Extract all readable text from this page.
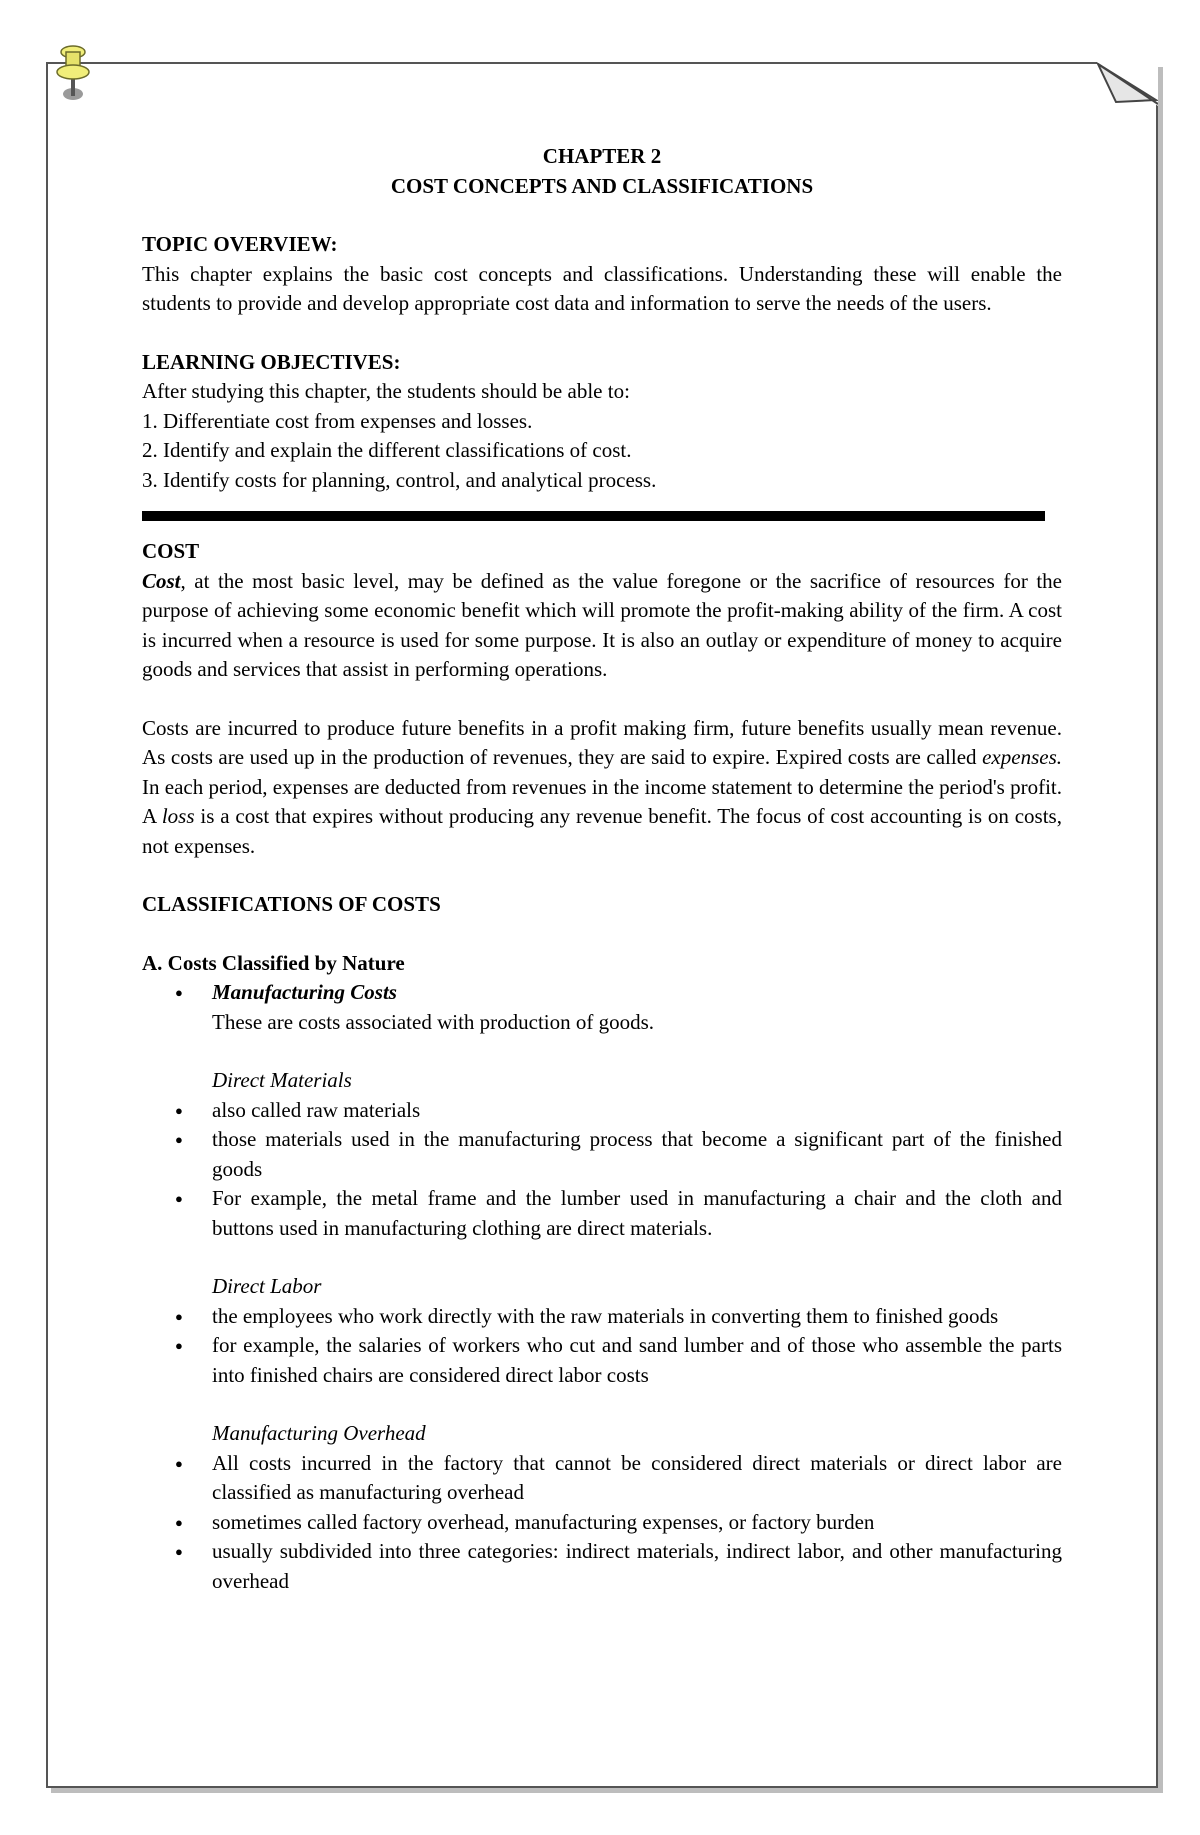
CHAPTER 2

COST CONCEPTS AND CLASSIFICATIONS

TOPIC OVERVIEW:

This chapter explains the basic cost concepts and classifications. Understanding these will enable the students to provide and develop appropriate cost data and information to serve the needs of the users.

LEARNING OBJECTIVES:

After studying this chapter, the students should be able to:

1. Differentiate cost from expenses and losses.

2. Identify and explain the different classifications of cost.

3. Identify costs for planning, control, and analytical process.

COST

Cost, at the most basic level, may be defined as the value foregone or the sacrifice of resources for the purpose of achieving some economic benefit which will promote the profit-making ability of the firm. A cost is incurred when a resource is used for some purpose. It is also an outlay or expenditure of money to acquire goods and services that assist in performing operations.

Costs are incurred to produce future benefits in a profit making firm, future benefits usually mean revenue. As costs are used up in the production of revenues, they are said to expire. Expired costs are called expenses. In each period, expenses are deducted from revenues in the income statement to determine the period's profit. A loss is a cost that expires without producing any revenue benefit. The focus of cost accounting is on costs, not expenses.

CLASSIFICATIONS OF COSTS

A. Costs Classified by Nature

● Manufacturing Costs

These are costs associated with production of goods.

Direct Materials

● also called raw materials
● those materials used in the manufacturing process that become a significant part of the finished goods
● For example, the metal frame and the lumber used in manufacturing a chair and the cloth and buttons used in manufacturing clothing are direct materials.

Direct Labor

● the employees who work directly with the raw materials in converting them to finished goods
● for example, the salaries of workers who cut and sand lumber and of those who assemble the parts into finished chairs are considered direct labor costs

Manufacturing Overhead

● All costs incurred in the factory that cannot be considered direct materials or direct labor are classified as manufacturing overhead
● sometimes called factory overhead, manufacturing expenses, or factory burden
● usually subdivided into three categories: indirect materials, indirect labor, and other manufacturing overhead
